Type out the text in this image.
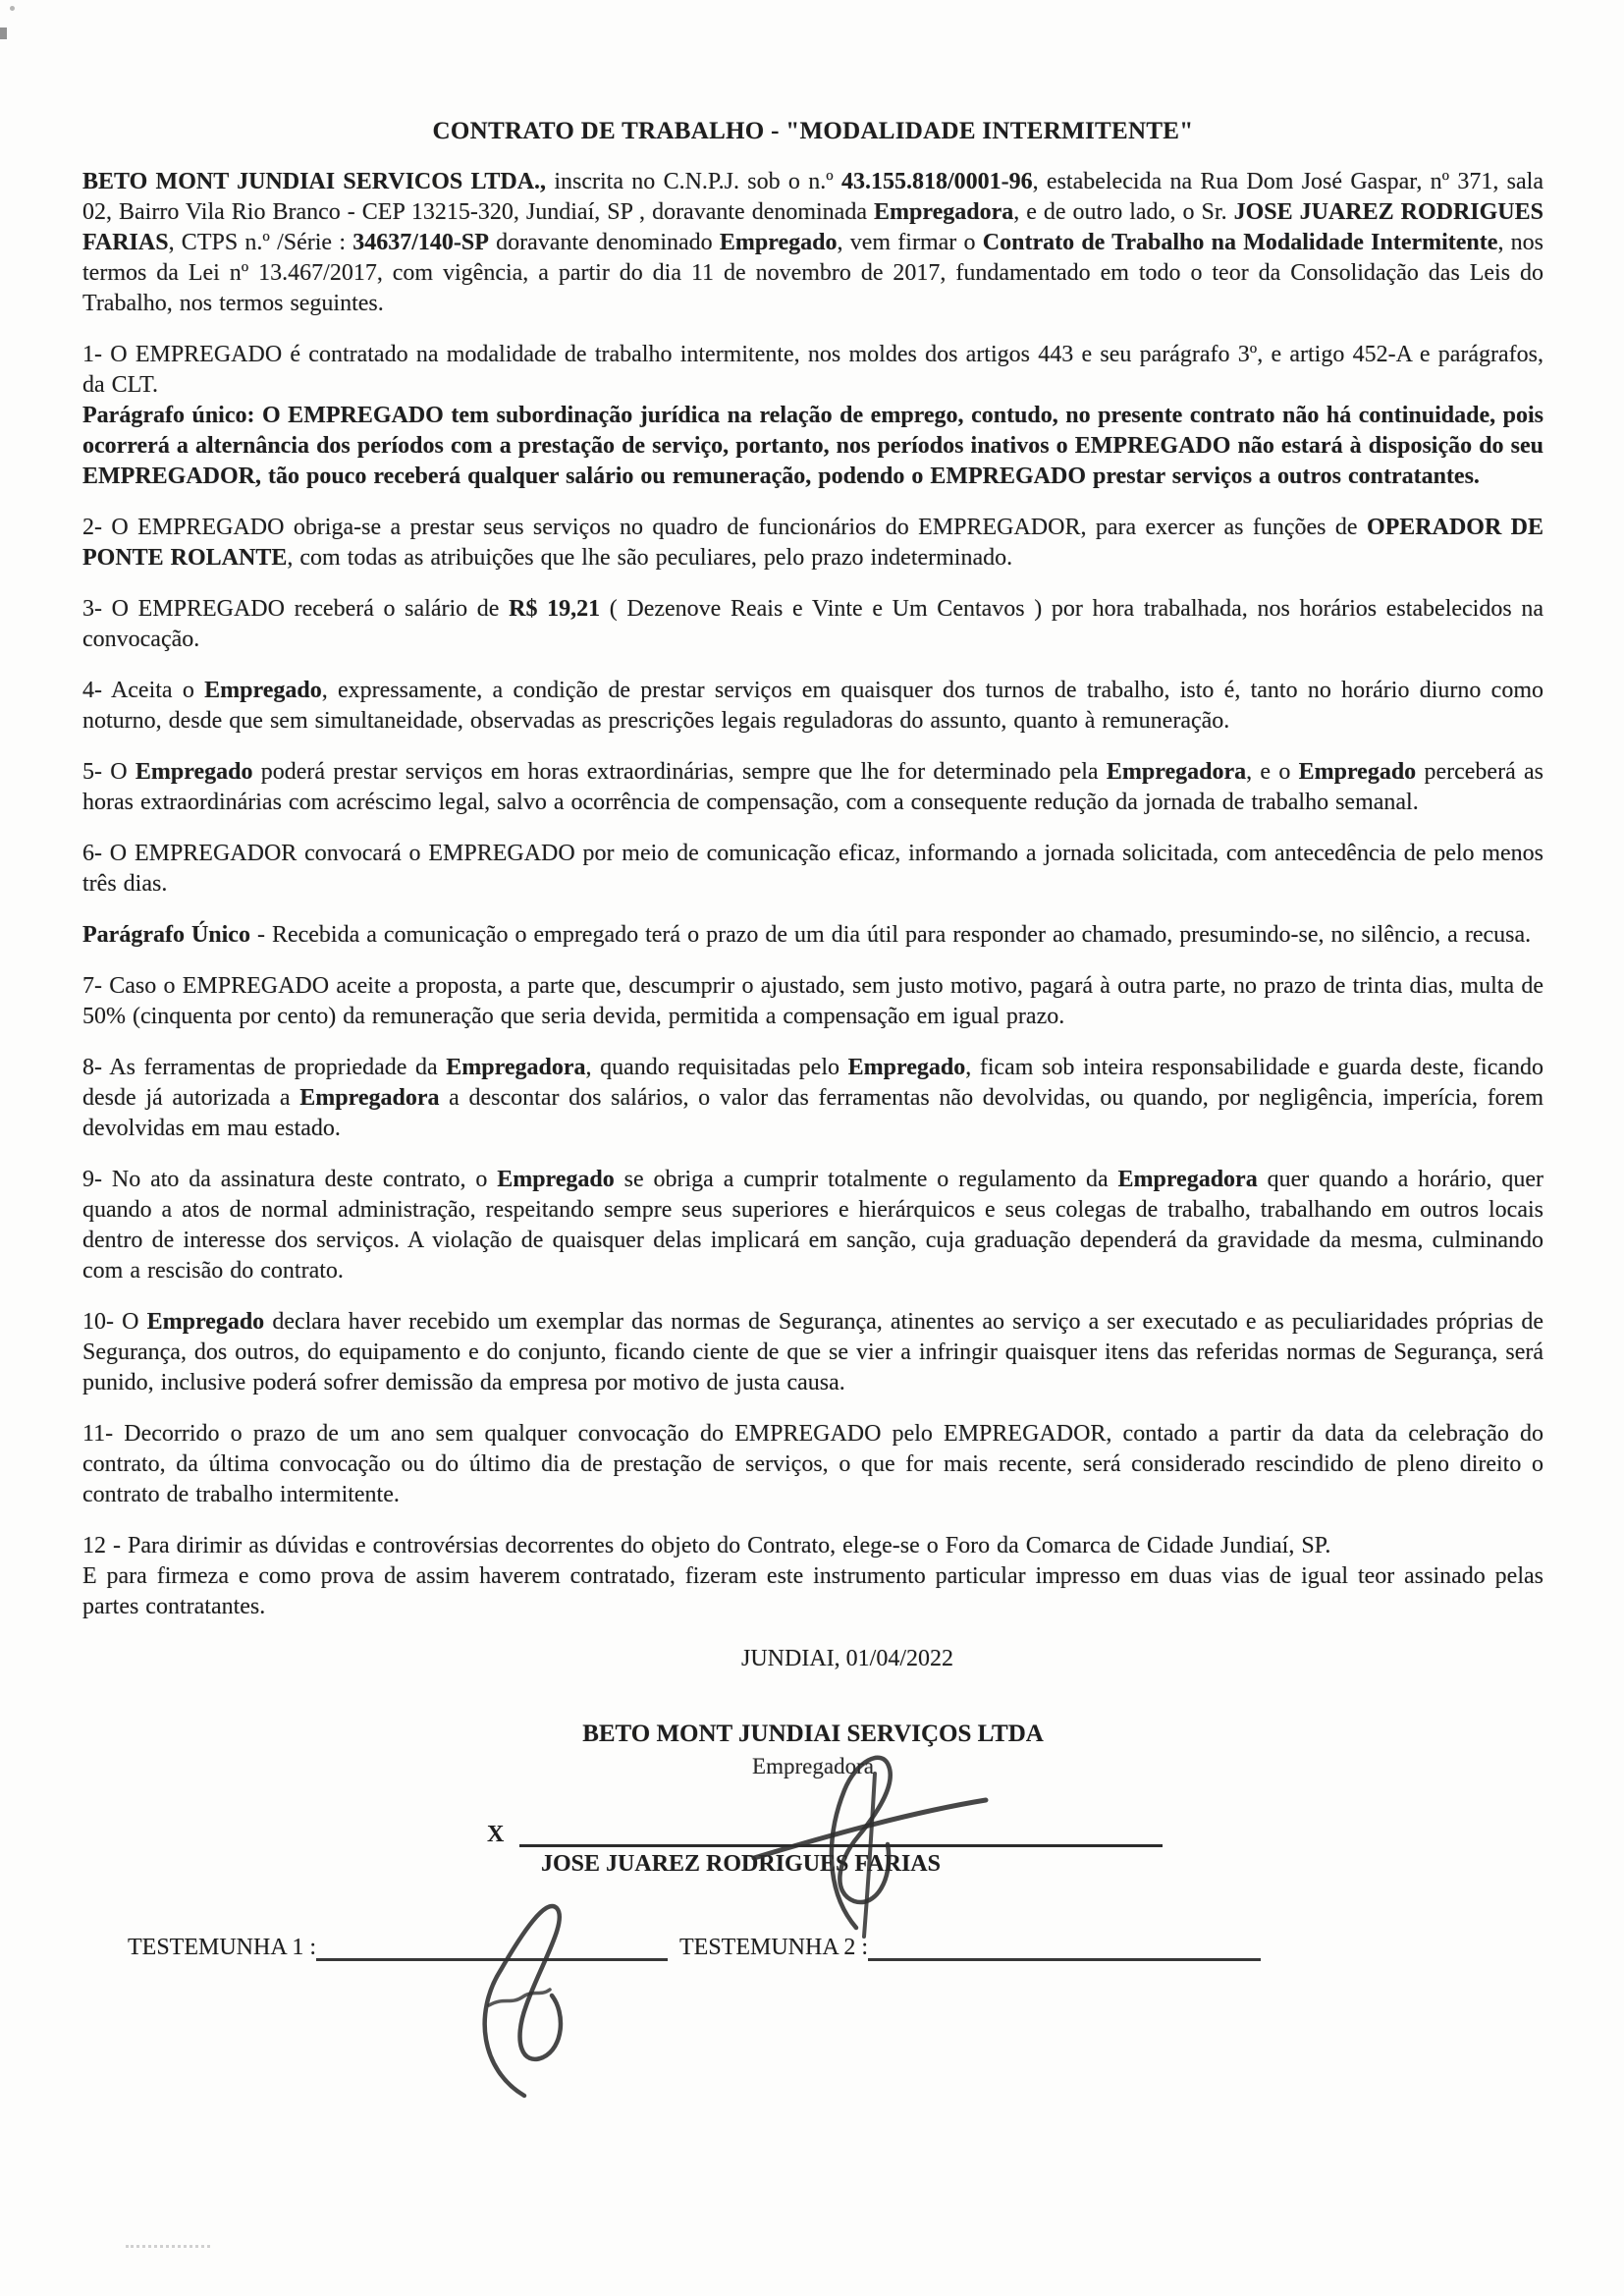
CONTRATO DE TRABALHO - "MODALIDADE INTERMITENTE"

BETO MONT JUNDIAI SERVICOS LTDA., inscrita no C.N.P.J. sob o n.º 43.155.818/0001-96, estabelecida na Rua Dom José Gaspar, nº 371, sala 02, Bairro Vila Rio Branco - CEP 13215-320, Jundiaí, SP , doravante denominada Empregadora, e de outro lado, o Sr. JOSE JUAREZ RODRIGUES FARIAS, CTPS n.º /Série : 34637/140-SP doravante denominado Empregado, vem firmar o Contrato de Trabalho na Modalidade Intermitente, nos termos da Lei nº 13.467/2017, com vigência, a partir do dia 11 de novembro de 2017, fundamentado em todo o teor da Consolidação das Leis do Trabalho, nos termos seguintes.

1- O EMPREGADO é contratado na modalidade de trabalho intermitente, nos moldes dos artigos 443 e seu parágrafo 3º, e artigo 452-A e parágrafos, da CLT.

Parágrafo único: O EMPREGADO tem subordinação jurídica na relação de emprego, contudo, no presente contrato não há continuidade, pois ocorrerá a alternância dos períodos com a prestação de serviço, portanto, nos períodos inativos o EMPREGADO não estará à disposição do seu EMPREGADOR, tão pouco receberá qualquer salário ou remuneração, podendo o EMPREGADO prestar serviços a outros contratantes.

2- O EMPREGADO obriga-se a prestar seus serviços no quadro de funcionários do EMPREGADOR, para exercer as funções de OPERADOR DE PONTE ROLANTE, com todas as atribuições que lhe são peculiares, pelo prazo indeterminado.

3- O EMPREGADO receberá o salário de R$ 19,21 ( Dezenove Reais e Vinte e Um Centavos ) por hora trabalhada, nos horários estabelecidos na convocação.

4- Aceita o Empregado, expressamente, a condição de prestar serviços em quaisquer dos turnos de trabalho, isto é, tanto no horário diurno como noturno, desde que sem simultaneidade, observadas as prescrições legais reguladoras do assunto, quanto à remuneração.

5- O Empregado poderá prestar serviços em horas extraordinárias, sempre que lhe for determinado pela Empregadora, e o Empregado perceberá as horas extraordinárias com acréscimo legal, salvo a ocorrência de compensação, com a consequente redução da jornada de trabalho semanal.

6- O EMPREGADOR convocará o EMPREGADO por meio de comunicação eficaz, informando a jornada solicitada, com antecedência de pelo menos três dias.

Parágrafo Único - Recebida a comunicação o empregado terá o prazo de um dia útil para responder ao chamado, presumindo-se, no silêncio, a recusa.

7- Caso o EMPREGADO aceite a proposta, a parte que, descumprir o ajustado, sem justo motivo, pagará à outra parte, no prazo de trinta dias, multa de 50% (cinquenta por cento) da remuneração que seria devida, permitida a compensação em igual prazo.

8- As ferramentas de propriedade da Empregadora, quando requisitadas pelo Empregado, ficam sob inteira responsabilidade e guarda deste, ficando desde já autorizada a Empregadora a descontar dos salários, o valor das ferramentas não devolvidas, ou quando, por negligência, imperícia, forem devolvidas em mau estado.

9- No ato da assinatura deste contrato, o Empregado se obriga a cumprir totalmente o regulamento da Empregadora quer quando a horário, quer quando a atos de normal administração, respeitando sempre seus superiores e hierárquicos e seus colegas de trabalho, trabalhando em outros locais dentro de interesse dos serviços. A violação de quaisquer delas implicará em sanção, cuja graduação dependerá da gravidade da mesma, culminando com a rescisão do contrato.

10- O Empregado declara haver recebido um exemplar das normas de Segurança, atinentes ao serviço a ser executado e as peculiaridades próprias de Segurança, dos outros, do equipamento e do conjunto, ficando ciente de que se vier a infringir quaisquer itens das referidas normas de Segurança, será punido, inclusive poderá sofrer demissão da empresa por motivo de justa causa.

11- Decorrido o prazo de um ano sem qualquer convocação do EMPREGADO pelo EMPREGADOR, contado a partir da data da celebração do contrato, da última convocação ou do último dia de prestação de serviços, o que for mais recente, será considerado rescindido de pleno direito o contrato de trabalho intermitente.

12 - Para dirimir as dúvidas e controvérsias decorrentes do objeto do Contrato, elege-se o Foro da Comarca de Cidade Jundiaí, SP.

E para firmeza e como prova de assim haverem contratado, fizeram este instrumento particular impresso em duas vias de igual teor assinado pelas partes contratantes.

JUNDIAI, 01/04/2022
BETO MONT JUNDIAI SERVIÇOS LTDA
Empregadora
X
JOSE JUAREZ RODRIGUES FARIAS
TESTEMUNHA 1 :	TESTEMUNHA 2 :
